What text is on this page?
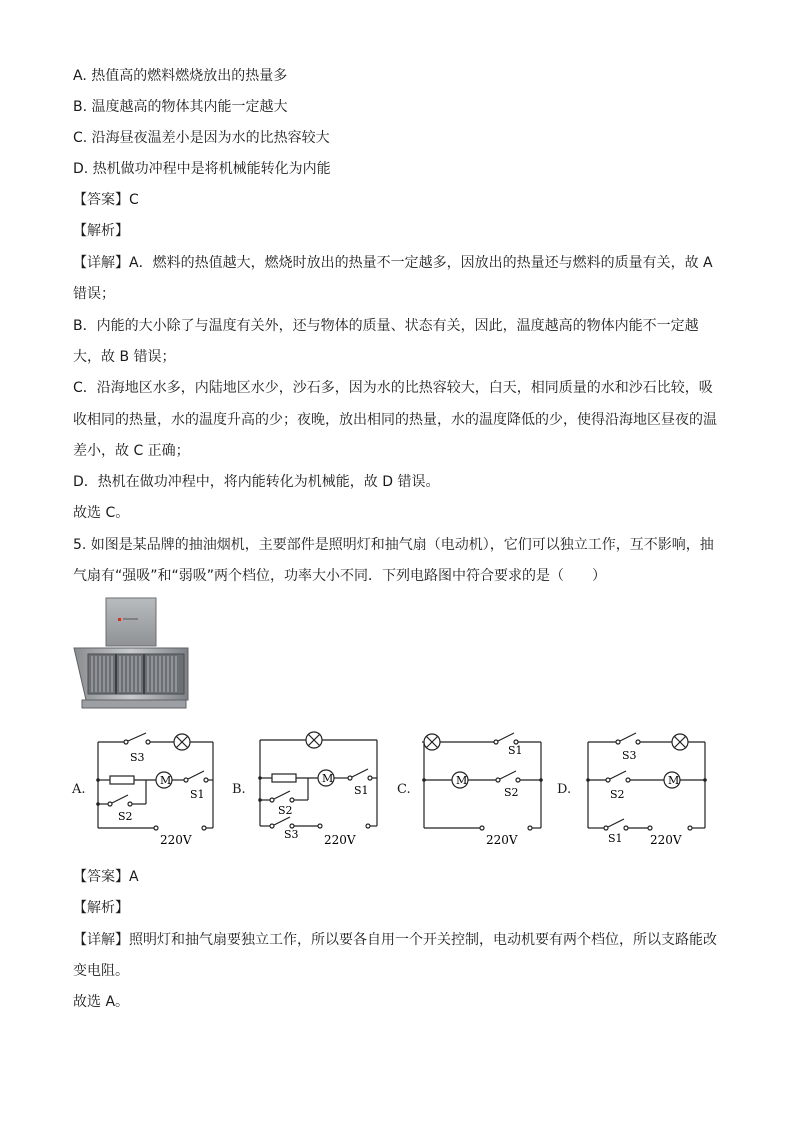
A. 热值高的燃料燃烧放出的热量多
B. 温度越高的物体其内能一定越大
C. 沿海昼夜温差小是因为水的比热容较大
D. 热机做功冲程中是将机械能转化为内能
【答案】C
【解析】
【详解】A．燃料的热值越大，燃烧时放出的热量不一定越多，因放出的热量还与燃料的质量有关，故 A
错误；
B．内能的大小除了与温度有关外，还与物体的质量、状态有关，因此，温度越高的物体内能不一定越
大，故 B 错误；
C．沿海地区水多，内陆地区水少，沙石多，因为水的比热容较大，白天，相同质量的水和沙石比较，吸
收相同的热量，水的温度升高的少；夜晚，放出相同的热量，水的温度降低的少，使得沿海地区昼夜的温
差小，故 C 正确；
D．热机在做功冲程中，将内能转化为机械能，故 D 错误。
故选 C。
5. 如图是某品牌的抽油烟机，主要部件是照明灯和抽气扇（电动机），它们可以独立工作，互不影响，抽
气扇有“强吸”和“弱吸”两个档位，功率大小不同．下列电路图中符合要求的是（　　）
A.
M
S3
S1
S2
220V
B.
M
S1
S2
S3 220V
C.
M
S1
S2
220V
D.
M
S3
S2
S1 220V
【答案】A
【解析】
【详解】照明灯和抽气扇要独立工作，所以要各自用一个开关控制，电动机要有两个档位，所以支路能改
变电阻。
故选 A。
